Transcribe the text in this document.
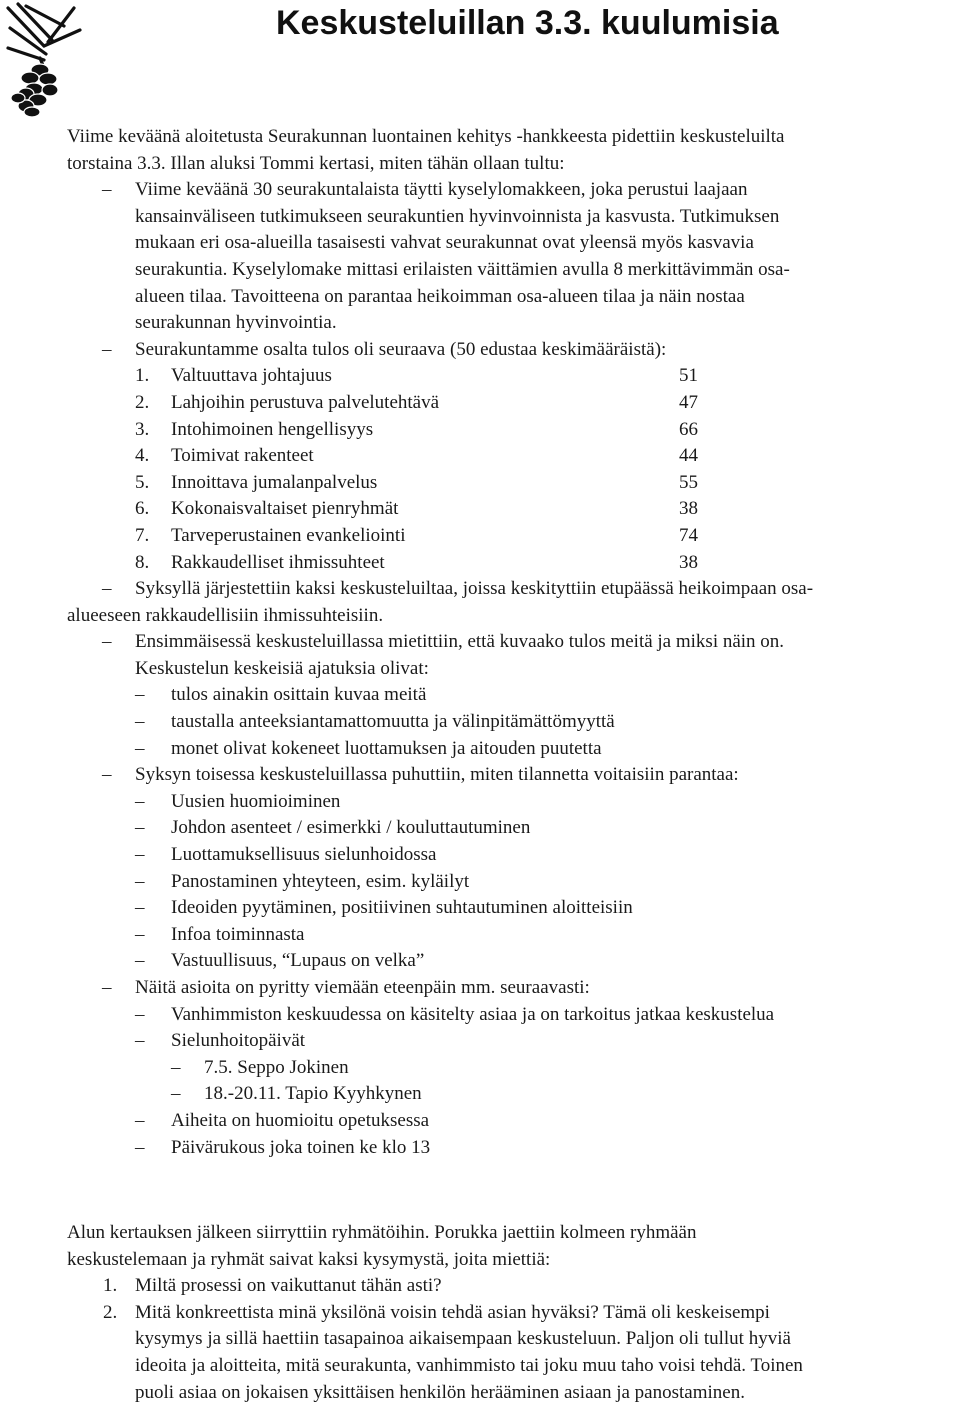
Keskusteluillan 3.3. kuulumisia
Viime keväänä aloitetusta Seurakunnan luontainen kehitys -hankkeesta pidettiin keskusteluilta
torstaina 3.3. Illan aluksi Tommi kertasi, miten tähän ollaan tultu:
–
Viime keväänä 30 seurakuntalaista täytti kyselylomakkeen, joka perustui laajaan
kansainväliseen tutkimukseen seurakuntien hyvinvoinnista ja kasvusta. Tutkimuksen
mukaan eri osa-alueilla tasaisesti vahvat seurakunnat ovat yleensä myös kasvavia
seurakuntia. Kyselylomake mittasi erilaisten väittämien avulla 8 merkittävimmän osa-
alueen tilaa. Tavoitteena on parantaa heikoimman osa-alueen tilaa ja näin nostaa
seurakunnan hyvinvointia.
–
Seurakuntamme osalta tulos oli seuraava (50 edustaa keskimääräistä):
1. Valtuuttava johtajuus	51
2. Lahjoihin perustuva palvelutehtävä	47
3. Intohimoinen hengellisyys	66
4. Toimivat rakenteet	44
5. Innoittava jumalanpalvelus	55
6. Kokonaisvaltaiset pienryhmät	38
7. Tarveperustainen evankeliointi	74
8. Rakkaudelliset ihmissuhteet	38
–
Syksyllä järjestettiin kaksi keskusteluiltaa, joissa keskityttiin etupäässä heikoimpaan osa-
alueeseen rakkaudellisiin ihmissuhteisiin.
–
Ensimmäisessä keskusteluillassa mietittiin, että kuvaako tulos meitä ja miksi näin on.
Keskustelun keskeisiä ajatuksia olivat:
–
tulos ainakin osittain kuvaa meitä
–
taustalla anteeksiantamattomuutta ja välinpitämättömyyttä
–
monet olivat kokeneet luottamuksen ja aitouden puutetta
–
Syksyn toisessa keskusteluillassa puhuttiin, miten tilannetta voitaisiin parantaa:
–
Uusien huomioiminen
–
Johdon asenteet / esimerkki / kouluttautuminen
–
Luottamuksellisuus sielunhoidossa
–
Panostaminen yhteyteen, esim. kyläilyt
–
Ideoiden pyytäminen, positiivinen suhtautuminen aloitteisiin
–
Infoa toiminnasta
–
Vastuullisuus, “Lupaus on velka”
–
Näitä asioita on pyritty viemään eteenpäin mm. seuraavasti:
–
Vanhimmiston keskuudessa on käsitelty asiaa ja on tarkoitus jatkaa keskustelua
–
Sielunhoitopäivät
–
7.5. Seppo Jokinen
–
18.-20.11. Tapio Kyyhkynen
–
Aiheita on huomioitu opetuksessa
–
Päivärukous joka toinen ke klo 13
Alun kertauksen jälkeen siirryttiin ryhmätöihin. Porukka jaettiin kolmeen ryhmään
keskustelemaan ja ryhmät saivat kaksi kysymystä, joita miettiä:
1. Miltä prosessi on vaikuttanut tähän asti?
2. Mitä konkreettista minä yksilönä voisin tehdä asian hyväksi? Tämä oli keskeisempi
kysymys ja sillä haettiin tasapainoa aikaisempaan keskusteluun. Paljon oli tullut hyviä
ideoita ja aloitteita, mitä seurakunta, vanhimmisto tai joku muu taho voisi tehdä. Toinen
puoli asiaa on jokaisen yksittäisen henkilön herääminen asiaan ja panostaminen.
